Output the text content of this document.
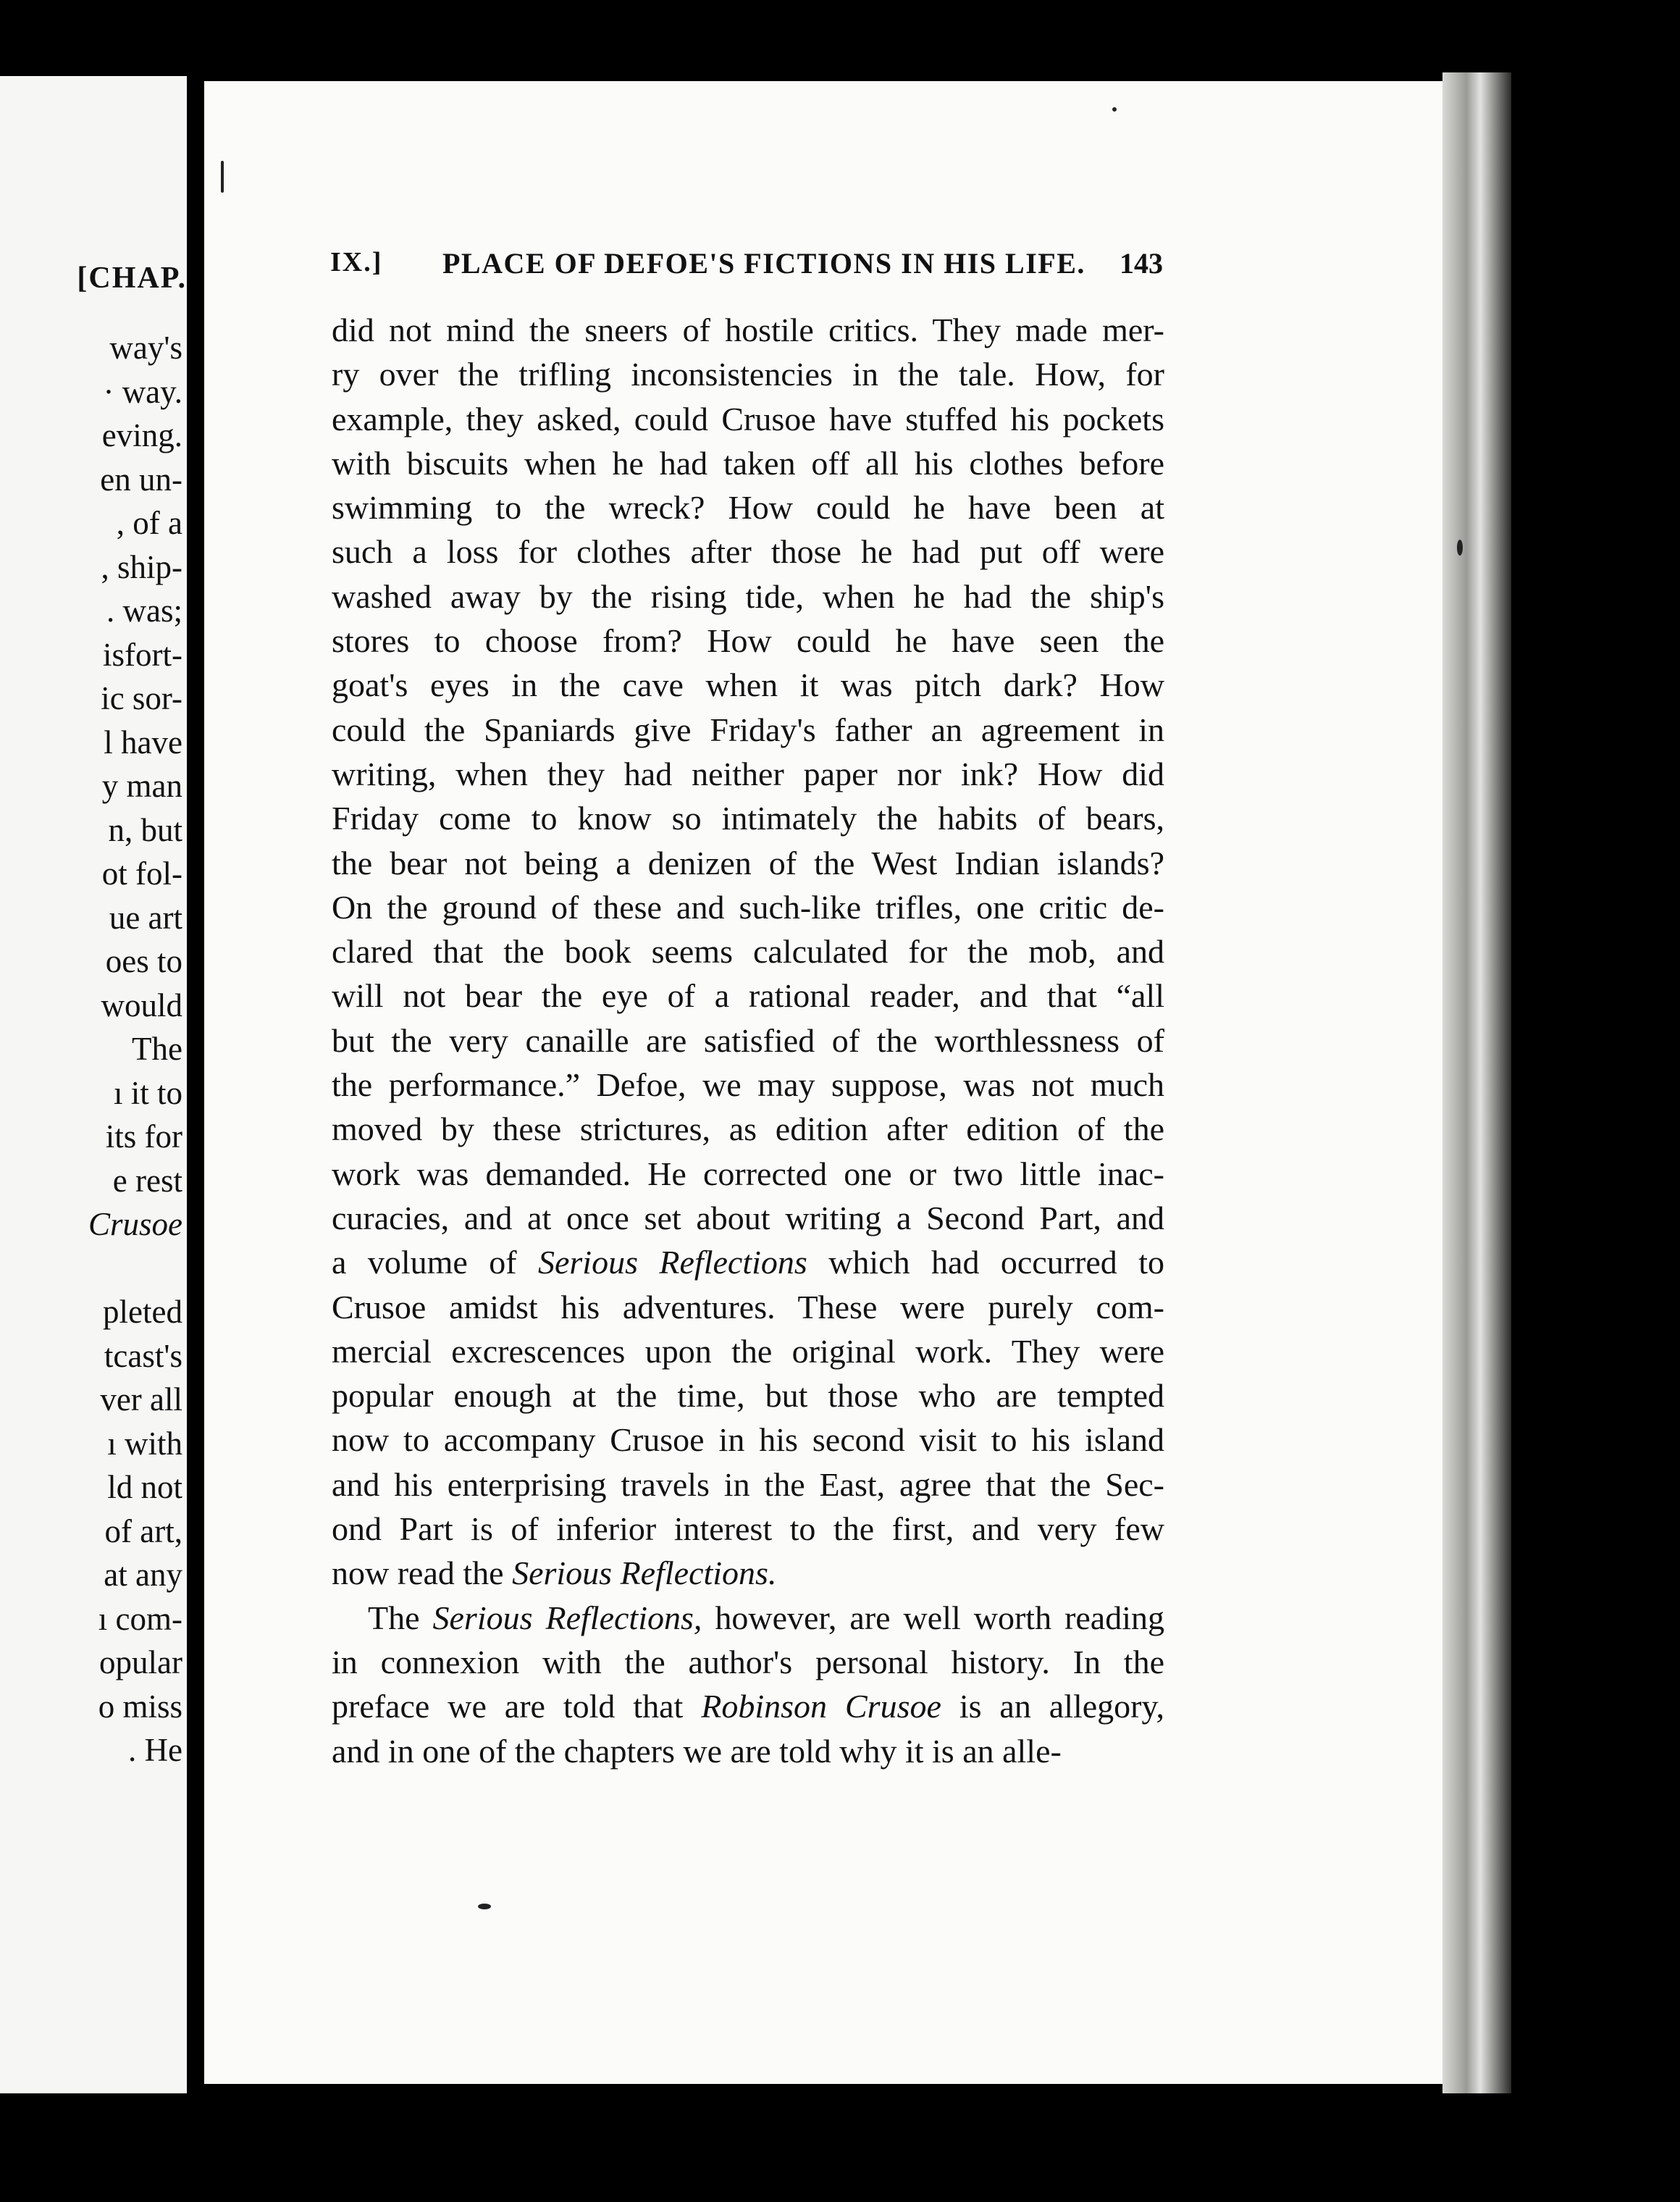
[CHAP.
way's
· way.
eving.
en un-
, of a
, ship-
. was;
isfort-
ic sor-
l have
y man
n, but
ot fol-
ue art
oes to
would
The
ı it to
its for
e rest
Crusoe
pleted
tcast's
ver all
ı with
ld not
of art,
at any
ı com-
opular
o miss
. He
IX.] PLACE OF DEFOE'S FICTIONS IN HIS LIFE. 143
did not mind the sneers of hostile critics. They made mer-
ry over the trifling inconsistencies in the tale. How, for
example, they asked, could Crusoe have stuffed his pockets
with biscuits when he had taken off all his clothes before
swimming to the wreck? How could he have been at
such a loss for clothes after those he had put off were
washed away by the rising tide, when he had the ship's
stores to choose from? How could he have seen the
goat's eyes in the cave when it was pitch dark? How
could the Spaniards give Friday's father an agreement in
writing, when they had neither paper nor ink? How did
Friday come to know so intimately the habits of bears,
the bear not being a denizen of the West Indian islands?
On the ground of these and such-like trifles, one critic de-
clared that the book seems calculated for the mob, and
will not bear the eye of a rational reader, and that “all
but the very canaille are satisfied of the worthlessness of
the performance.” Defoe, we may suppose, was not much
moved by these strictures, as edition after edition of the
work was demanded. He corrected one or two little inac-
curacies, and at once set about writing a Second Part, and
a volume of Serious Reflections which had occurred to
Crusoe amidst his adventures. These were purely com-
mercial excrescences upon the original work. They were
popular enough at the time, but those who are tempted
now to accompany Crusoe in his second visit to his island
and his enterprising travels in the East, agree that the Sec-
ond Part is of inferior interest to the first, and very few
now read the Serious Reflections.
The Serious Reflections, however, are well worth reading
in connexion with the author's personal history. In the
preface we are told that Robinson Crusoe is an allegory,
and in one of the chapters we are told why it is an alle-
